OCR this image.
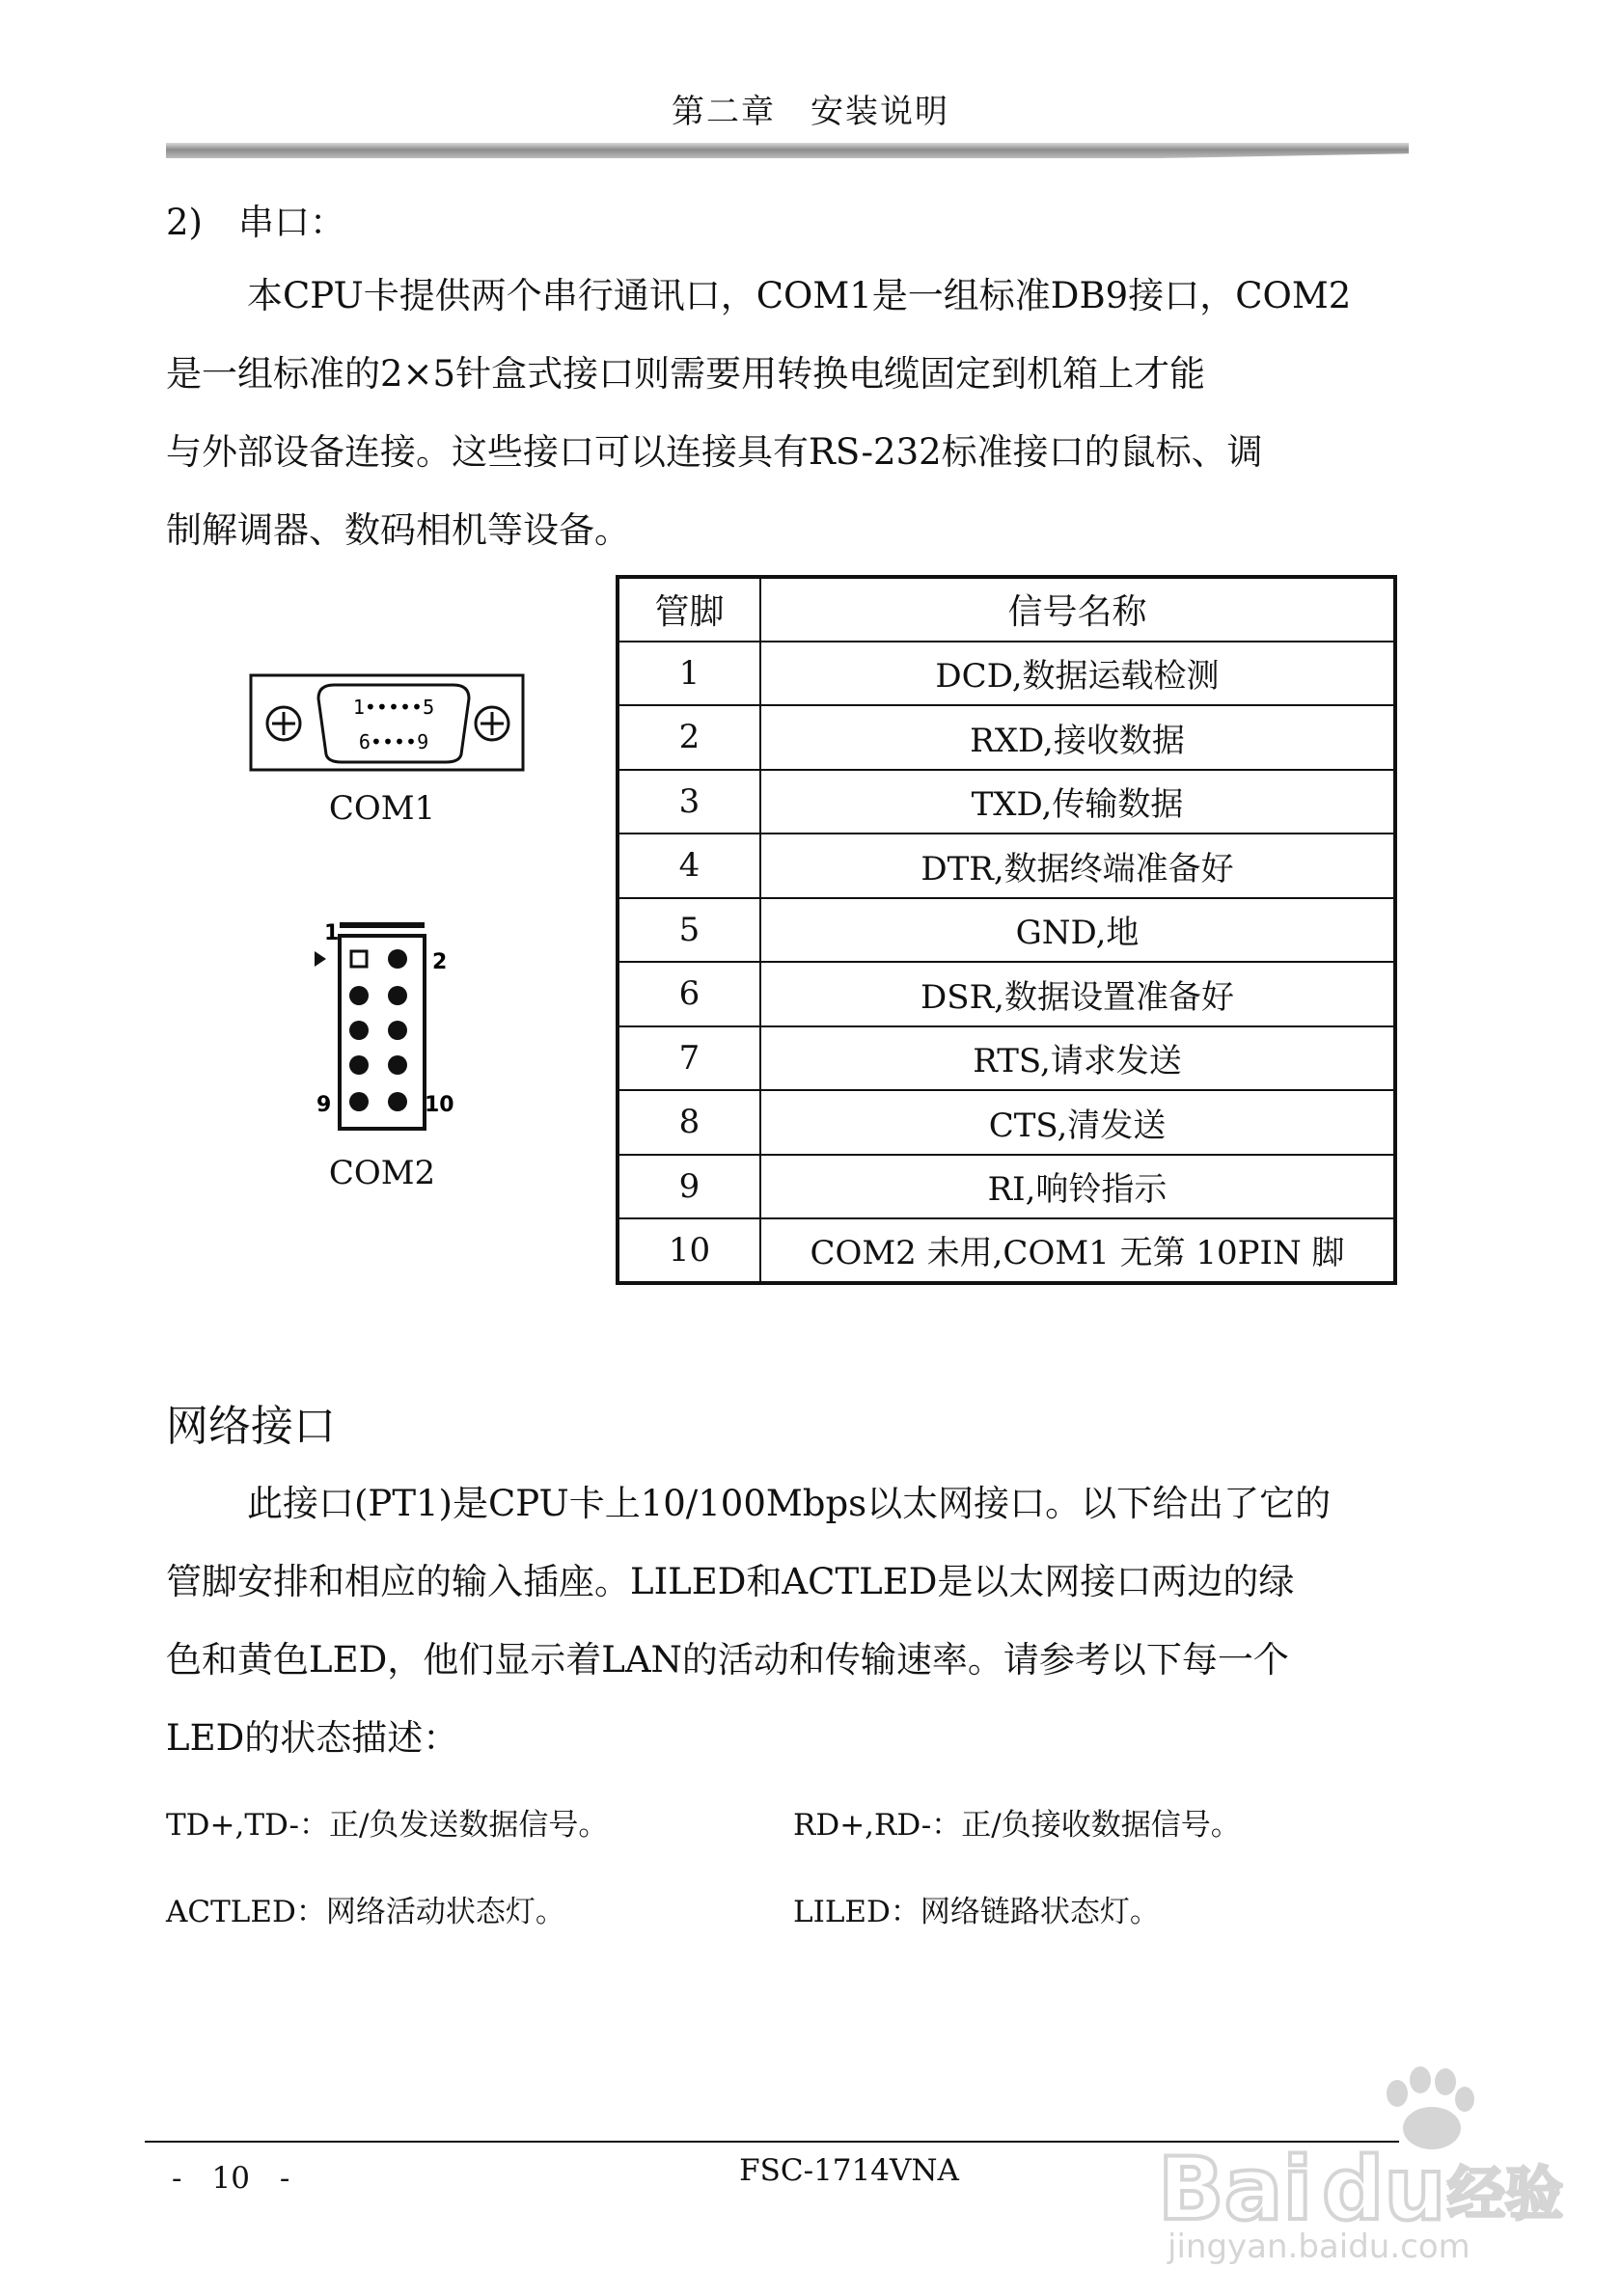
第二章　安装说明
2)　串口：

本CPU卡提供两个串行通讯口，COM1是一组标准DB9接口，COM2

是一组标准的2×5针盒式接口则需要用转换电缆固定到机箱上才能

与外部设备连接。这些接口可以连接具有RS-232标准接口的鼠标、调

制解调器、数码相机等设备。

1•••••5
6••••9
COM1
1
2
9	10
COM2
管脚	信号名称
1	DCD,数据运载检测
2	RXD,接收数据
3	TXD,传输数据
4	DTR,数据终端准备好
5	GND,地
6	DSR,数据设置准备好
7	RTS,请求发送
8	CTS,清发送
9	RI,响铃指示
10	COM2 未用,COM1 无第 10PIN 脚
网络接口

此接口(PT1)是CPU卡上10/100Mbps以太网接口。以下给出了它的

管脚安排和相应的输入插座。LILED和ACTLED是以太网接口两边的绿

色和黄色LED，他们显示着LAN的活动和传输速率。请参考以下每一个

LED的状态描述：

TD+,TD-：正/负发送数据信号。	RD+,RD-：正/负接收数据信号。
ACTLED：网络活动状态灯。	LILED：网络链路状态灯。
-　10　-	FSC-1714VNA	Bai du 经验
jingyan.baidu.com
